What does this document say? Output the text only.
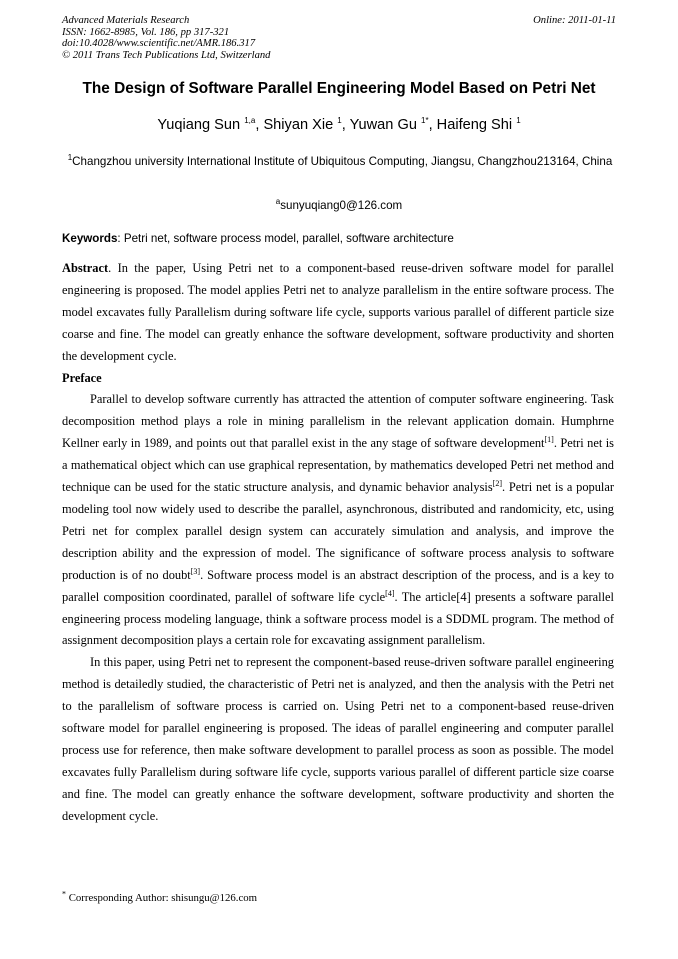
Advanced Materials Research
ISSN: 1662-8985, Vol. 186, pp 317-321
doi:10.4028/www.scientific.net/AMR.186.317
© 2011 Trans Tech Publications Ltd, Switzerland
Online: 2011-01-11
The Design of Software Parallel Engineering Model Based on Petri Net
Yuqiang Sun $^{1,a}$, Shiyan Xie $^1$, Yuwan Gu $^{1*}$, Haifeng Shi $^1$
$^1$Changzhou university International Institute of Ubiquitous Computing, Jiangsu, Changzhou213164, China
$^a$sunyuqiang0@126.com
Keywords: Petri net, software process model, parallel, software architecture

Abstract. In the paper, Using Petri net to a component-based reuse-driven software model for parallel engineering is proposed. The model applies Petri net to analyze parallelism in the entire software process. The model excavates fully Parallelism during software life cycle, supports various parallel of different particle size coarse and fine. The model can greatly enhance the software development, software productivity and shorten the development cycle.

Preface

Parallel to develop software currently has attracted the attention of computer software engineering. Task decomposition method plays a role in mining parallelism in the relevant application domain. Humphrne Kellner early in 1989, and points out that parallel exist in the any stage of software development[1]. Petri net is a mathematical object which can use graphical representation, by mathematics developed Petri net method and technique can be used for the static structure analysis, and dynamic behavior analysis[2]. Petri net is a popular modeling tool now widely used to describe the parallel, asynchronous, distributed and randomicity, etc, using Petri net for complex parallel design system can accurately simulation and analysis, and improve the description ability and the expression of model. The significance of software process analysis to software production is of no doubt[3]. Software process model is an abstract description of the process, and is a key to parallel composition coordinated, parallel of software life cycle[4]. The article[4] presents a software parallel engineering process modeling language, think a software process model is a SDDML program. The method of assignment decomposition plays a certain role for excavating assignment parallelism.

In this paper, using Petri net to represent the component-based reuse-driven software parallel engineering method is detailedly studied, the characteristic of Petri net is analyzed, and then the analysis with the Petri net to the parallelism of software process is carried on. Using Petri net to a component-based reuse-driven software model for parallel engineering is proposed. The ideas of parallel engineering and computer parallel process use for reference, then make software development to parallel process as soon as possible. The model excavates fully Parallelism during software life cycle, supports various parallel of different particle size coarse and fine. The model can greatly enhance the software development, software productivity and shorten the development cycle.

* Corresponding Author: shisungu@126.com
